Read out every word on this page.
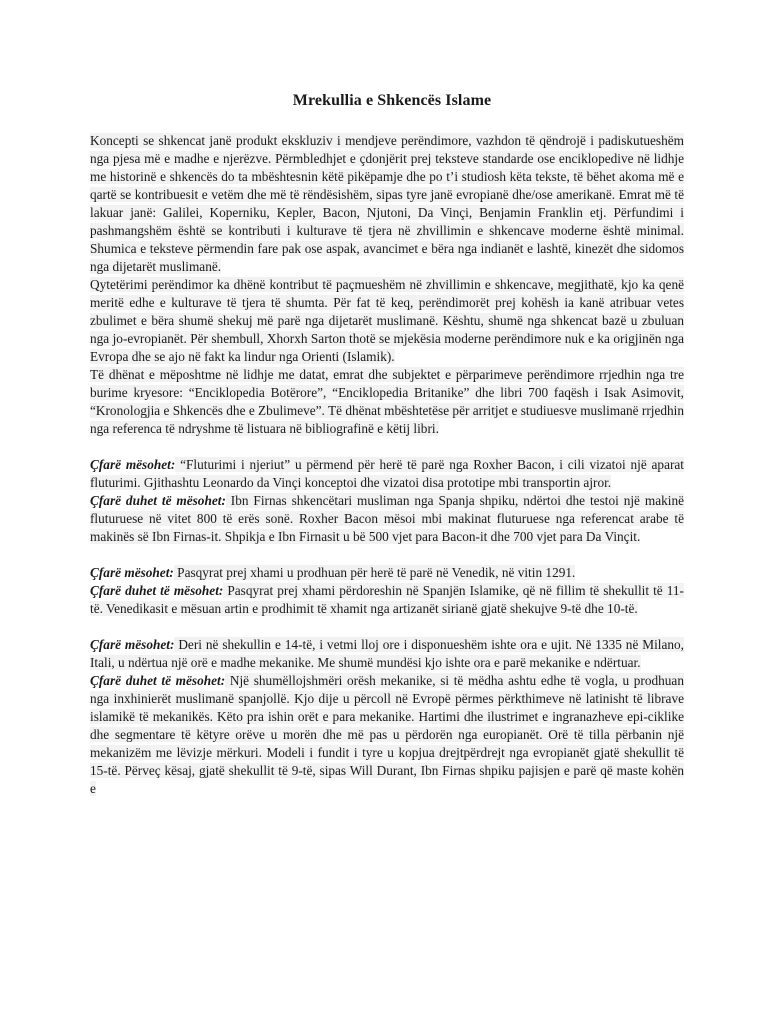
Mrekullia e Shkencës Islame

Koncepti se shkencat janë produkt ekskluziv i mendjeve perëndimore, vazhdon të qëndrojë i padiskutueshëm nga pjesa më e madhe e njerëzve. Përmbledhjet e çdonjërit prej teksteve standarde ose enciklopedive në lidhje me historinë e shkencës do ta mbështesnin këtë pikëpamje dhe po t’i studiosh këta tekste, të bëhet akoma më e qartë se kontribuesit e vetëm dhe më të rëndësishëm, sipas tyre janë evropianë dhe/ose amerikanë. Emrat më të lakuar janë: Galilei, Koperniku, Kepler, Bacon, Njutoni, Da Vinçi, Benjamin Franklin etj. Përfundimi i pashmangshëm është se kontributi i kulturave të tjera në zhvillimin e shkencave moderne është minimal. Shumica e teksteve përmendin fare pak ose aspak, avancimet e bëra nga indianët e lashtë, kinezët dhe sidomos nga dijetarët muslimanë.

Qytetërimi perëndimor ka dhënë kontribut të paçmueshëm në zhvillimin e shkencave, megjithatë, kjo ka qenë meritë edhe e kulturave të tjera të shumta. Për fat të keq, perëndimorët prej kohësh ia kanë atribuar vetes zbulimet e bëra shumë shekuj më parë nga dijetarët muslimanë. Kështu, shumë nga shkencat bazë u zbuluan nga jo-evropianët. Për shembull, Xhorxh Sarton thotë se mjekësia moderne perëndimore nuk e ka origjinën nga Evropa dhe se ajo në fakt ka lindur nga Orienti (Islamik).

Të dhënat e mëposhtme në lidhje me datat, emrat dhe subjektet e përparimeve perëndimore rrjedhin nga tre burime kryesore: “Enciklopedia Botërore”, “Enciklopedia Britanike” dhe libri 700 faqësh i Isak Asimovit, “Kronologjia e Shkencës dhe e Zbulimeve”. Të dhënat mbështetëse për arritjet e studiuesve muslimanë rrjedhin nga referenca të ndryshme të listuara në bibliografinë e këtij libri.

Çfarë mësohet: “Fluturimi i njeriut” u përmend për herë të parë nga Roxher Bacon, i cili vizatoi një aparat fluturimi. Gjithashtu Leonardo da Vinçi konceptoi dhe vizatoi disa prototipe mbi transportin ajror.

Çfarë duhet të mësohet: Ibn Firnas shkencëtari musliman nga Spanja shpiku, ndërtoi dhe testoi një makinë fluturuese në vitet 800 të erës sonë. Roxher Bacon mësoi mbi makinat fluturuese nga referencat arabe të makinës së Ibn Firnas-it. Shpikja e Ibn Firnasit u bë 500 vjet para Bacon-it dhe 700 vjet para Da Vinçit.

Çfarë mësohet: Pasqyrat prej xhami u prodhuan për herë të parë në Venedik, në vitin 1291.

Çfarë duhet të mësohet: Pasqyrat prej xhami përdoreshin në Spanjën Islamike, që në fillim të shekullit të 11-të. Venedikasit e mësuan artin e prodhimit të xhamit nga artizanët sirianë gjatë shekujve 9-të dhe 10-të.

Çfarë mësohet: Deri në shekullin e 14-të, i vetmi lloj ore i disponueshëm ishte ora e ujit. Në 1335 në Milano, Itali, u ndërtua një orë e madhe mekanike. Me shumë mundësi kjo ishte ora e parë mekanike e ndërtuar.

Çfarë duhet të mësohet: Një shumëllojshmëri orësh mekanike, si të mëdha ashtu edhe të vogla, u prodhuan nga inxhinierët muslimanë spanjollë. Kjo dije u përcoll në Evropë përmes përkthimeve në latinisht të librave islamikë të mekanikës. Këto pra ishin orët e para mekanike. Hartimi dhe ilustrimet e ingranazheve epi-ciklike dhe segmentare të këtyre orëve u morën dhe më pas u përdorën nga europianët. Orë të tilla përbanin një mekanizëm me lëvizje mërkuri. Modeli i fundit i tyre u kopjua drejtpërdrejt nga evropianët gjatë shekullit të 15-të. Përveç kësaj, gjatë shekullit të 9-të, sipas Will Durant, Ibn Firnas shpiku pajisjen e parë që maste kohën e
